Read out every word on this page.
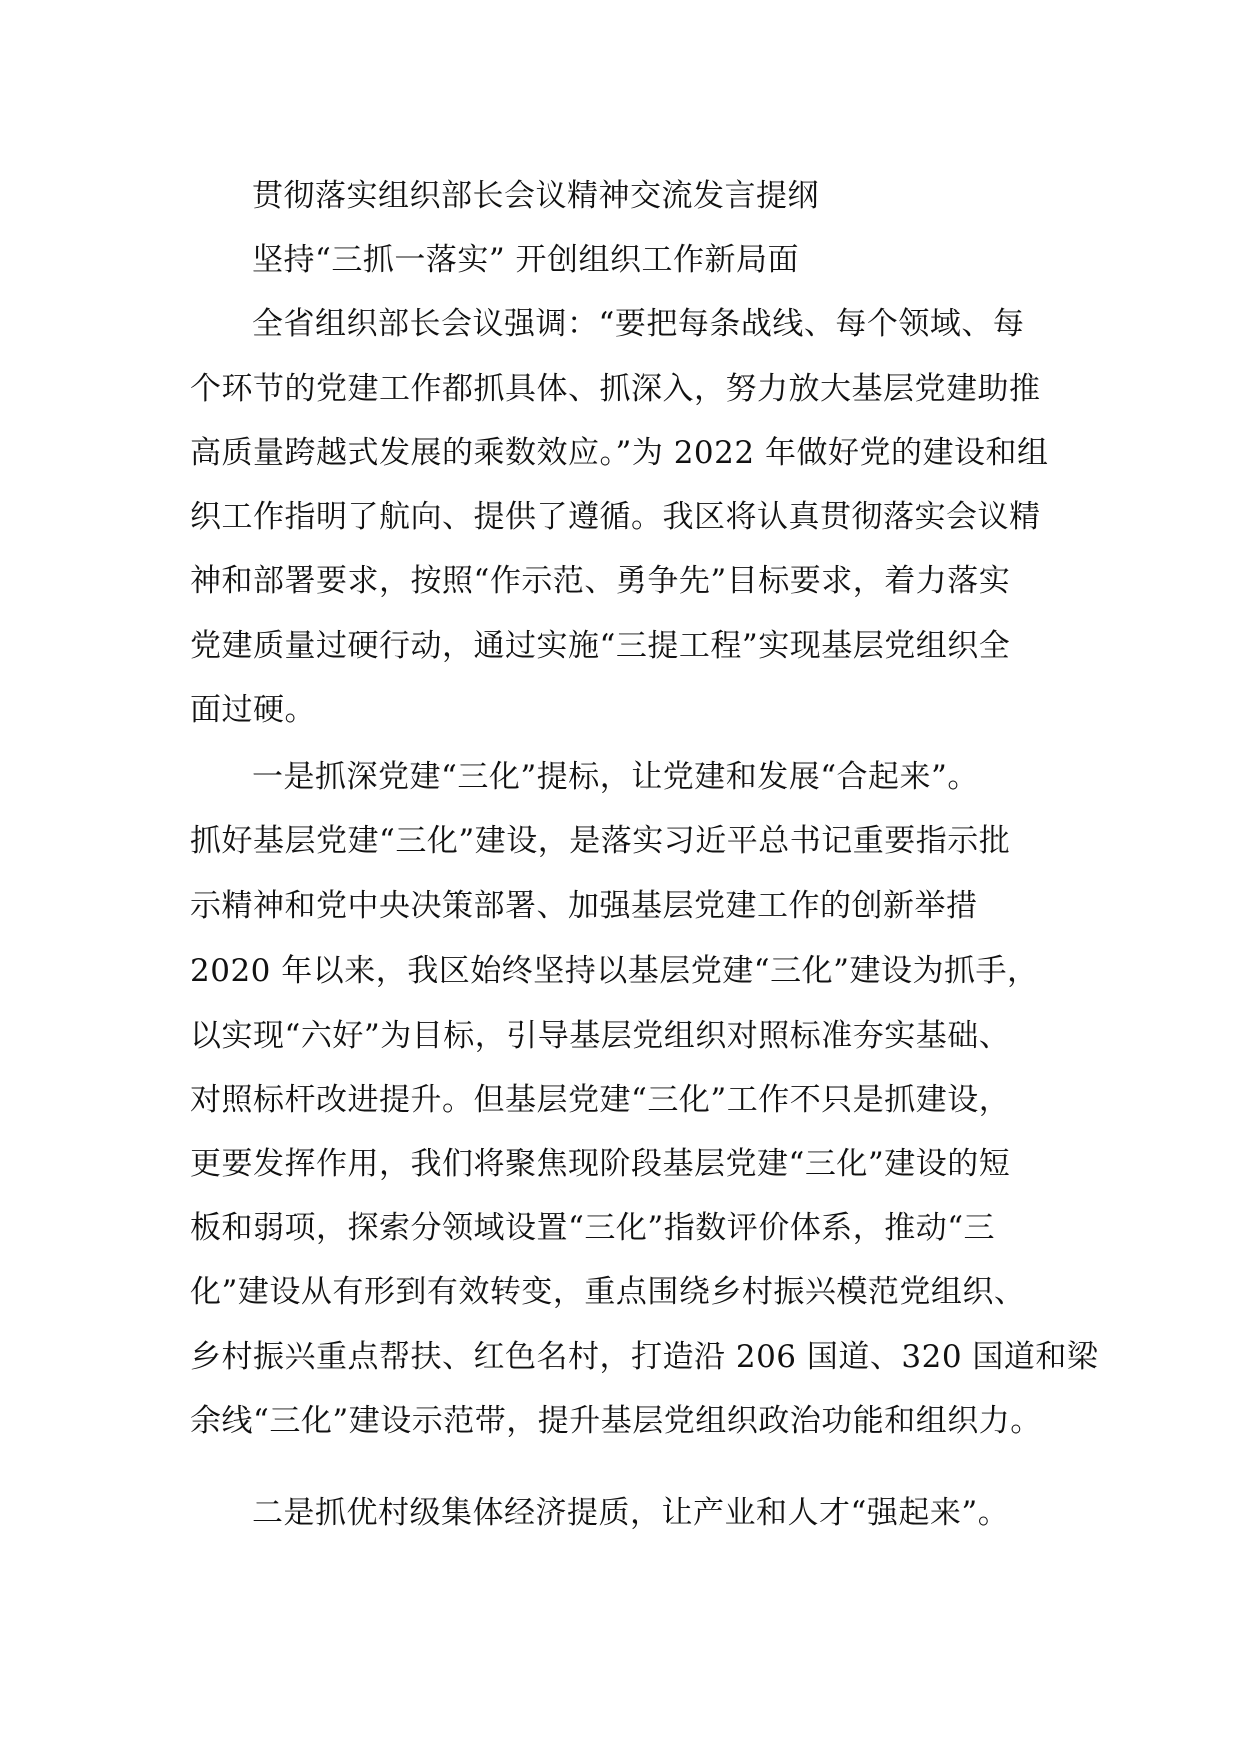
贯彻落实组织部长会议精神交流发言提纲
坚持“三抓一落实” 开创组织工作新局面
全省组织部长会议强调：“要把每条战线、每个领域、每
个环节的党建工作都抓具体、抓深入，努力放大基层党建助推
高质量跨越式发展的乘数效应。”为 2022 年做好党的建设和组
织工作指明了航向、提供了遵循。我区将认真贯彻落实会议精
神和部署要求，按照“作示范、勇争先”目标要求，着力落实
党建质量过硬行动，通过实施“三提工程”实现基层党组织全
面过硬。
一是抓深党建“三化”提标，让党建和发展“合起来”。
抓好基层党建“三化”建设，是落实习近平总书记重要指示批
示精神和党中央决策部署、加强基层党建工作的创新举措
2020 年以来，我区始终坚持以基层党建“三化”建设为抓手，
以实现“六好”为目标，引导基层党组织对照标准夯实基础、
对照标杆改进提升。但基层党建“三化”工作不只是抓建设，
更要发挥作用，我们将聚焦现阶段基层党建“三化”建设的短
板和弱项，探索分领域设置“三化”指数评价体系，推动“三
化”建设从有形到有效转变，重点围绕乡村振兴模范党组织、
乡村振兴重点帮扶、红色名村，打造沿 206 国道、320 国道和梁
余线“三化”建设示范带，提升基层党组织政治功能和组织力。
二是抓优村级集体经济提质，让产业和人才“强起来”。
